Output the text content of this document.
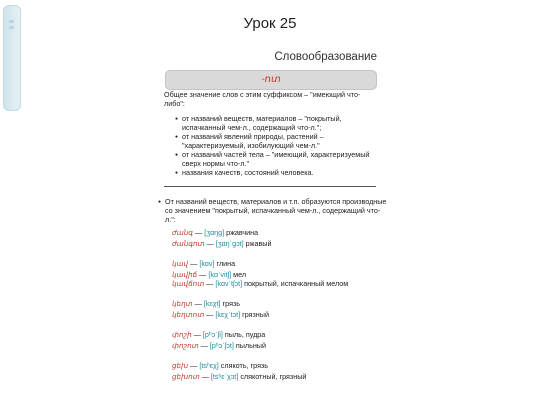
Урок 25
Словообразование
-ոտ
Общее значение слов с этим суффиксом – "имеющий что-либо":
● от названий веществ, материалов – "покрытый, испачканный чем-л., содержащий что-л.";
● от названий явлений природы, растений – "характеризуемый, изобилующий чем-л."
● от названий частей тела – "имеющий, характеризуемый сверх нормы что-л."
● названия качеств, состояний человека.
● От названий веществ, материалов и т.п. образуются производные со значением "покрытый, испачканный чем-л., содержащий что-л.":
ժանգ — [ʒɑŋɡ] ржавчина
ժանգոտ — [ʒɑŋˈɡɔt] ржавый
կավ — [kɑv] глина
կավիճ — [kɑˈvitʃ] мел
կավճոտ — [kɑvˈtʃɔt] покрытый, испачканный мелом
կեղտ — [kɛχt] грязь
կեղտոտ — [kɛχˈtɔt] грязный
փոշի — [pʰɔˈʃi] пыль, пудра
փոշոտ — [pʰɔˈʃɔt] пыльный
ցեխ — [tsʰɛχ] слякоть, грязь
ցեխոտ — [tsʰɛˈχɔt] слякотный, грязный
